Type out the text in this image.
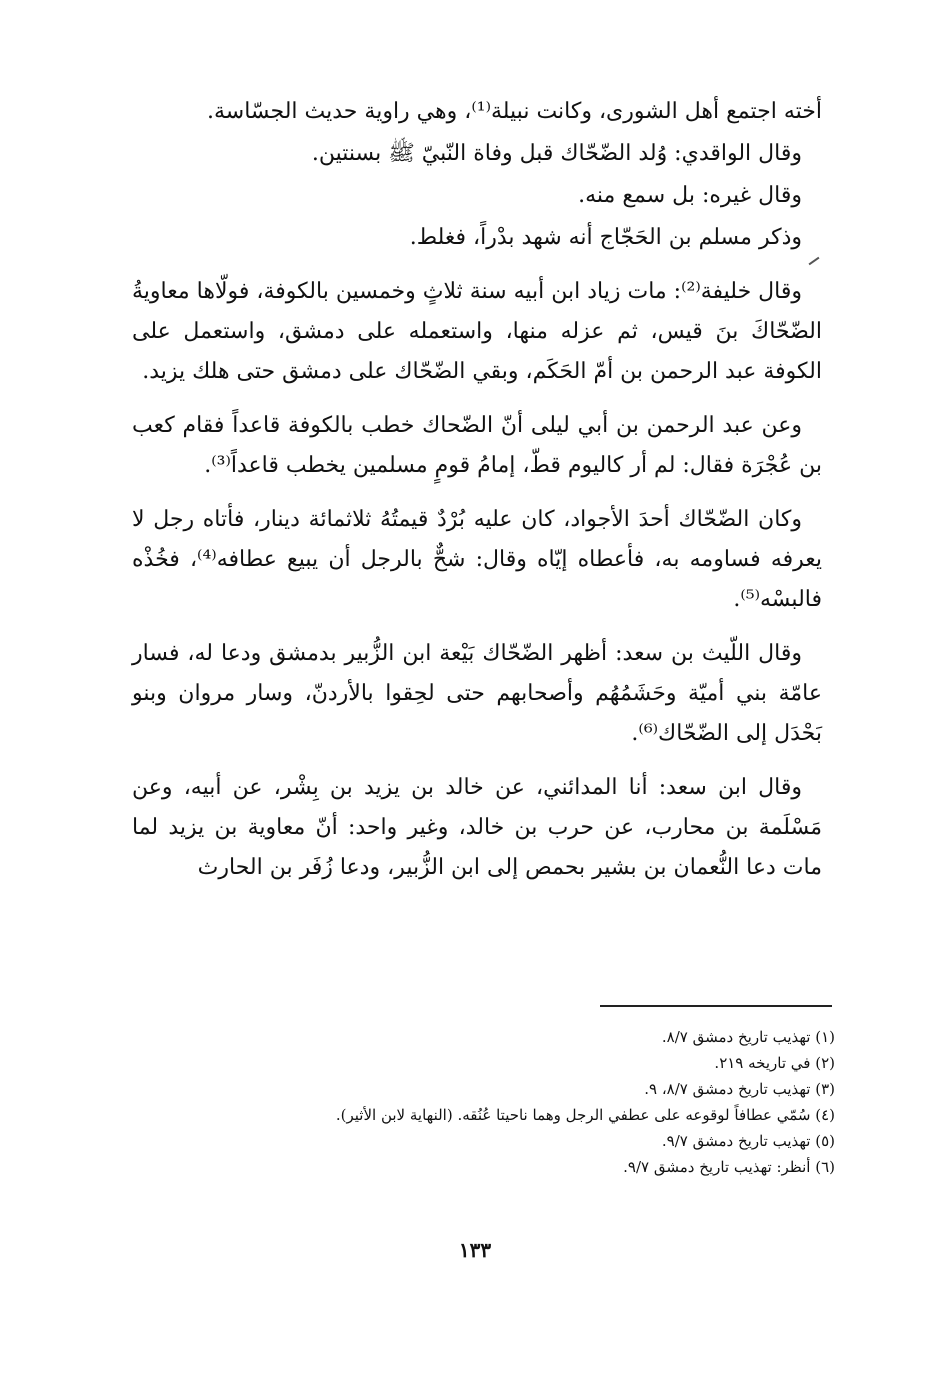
أخته اجتمع أهل الشورى، وكانت نبيلة⁽¹⁾، وهي راوية حديث الجسّاسة.

وقال الواقدي: وُلد الضّحّاك قبل وفاة النّبيّ ﷺ بسنتين.

وقال غيره: بل سمع منه.

وذكر مسلم بن الحَجّاج أنه شهد بدْراً، فغلط.

وقال خليفة⁽²⁾: مات زياد ابن أبيه سنة ثلاثٍ وخمسين بالكوفة، فولّاها معاويةُ الضّحّاكَ بنَ قيس، ثم عزله منها، واستعمله على دمشق، واستعمل على الكوفة عبد الرحمن بن أمّ الحَكَم، وبقي الضّحّاك على دمشق حتى هلك يزيد.

وعن عبد الرحمن بن أبي ليلى أنّ الضّحاك خطب بالكوفة قاعداً فقام كعب بن عُجْرَة فقال: لم أر كاليوم قطّ، إمامُ قومٍ مسلمين يخطب قاعداً⁽³⁾.

وكان الضّحّاك أحدَ الأجواد، كان عليه بُرْدٌ قيمتُهُ ثلاثمائة دينار، فأتاه رجل لا يعرفه فساومه به، فأعطاه إيّاه وقال: شحٌّ بالرجل أن يبيع عطافه⁽⁴⁾، فخُذْه فالبسْه⁽⁵⁾.

وقال اللّيث بن سعد: أظهر الضّحّاك بَيْعة ابن الزُّبير بدمشق ودعا له، فسار عامّة بني أميّة وحَشَمُهُم وأصحابهم حتى لحِقوا بالأردنّ، وسار مروان وبنو بَحْدَل إلى الضّحّاك⁽⁶⁾.

وقال ابن سعد: أنا المدائني، عن خالد بن يزيد بن بِشْر، عن أبيه، وعن مَسْلَمة بن محارب، عن حرب بن خالد، وغير واحد: أنّ معاوية بن يزيد لما مات دعا النُّعمان بن بشير بحمص إلى ابن الزُّبير، ودعا زُفَر بن الحارث

(١) تهذيب تاريخ دمشق ٨/٧.
(٢) في تاريخه ٢١٩.
(٣) تهذيب تاريخ دمشق ٨/٧، ٩.
(٤) سُمّي عطافاً لوقوعه على عطفي الرجل وهما ناحيتا عُنُقه. (النهاية لابن الأثير).
(٥) تهذيب تاريخ دمشق ٩/٧.
(٦) أنظر: تهذيب تاريخ دمشق ٩/٧.
١٣٣
